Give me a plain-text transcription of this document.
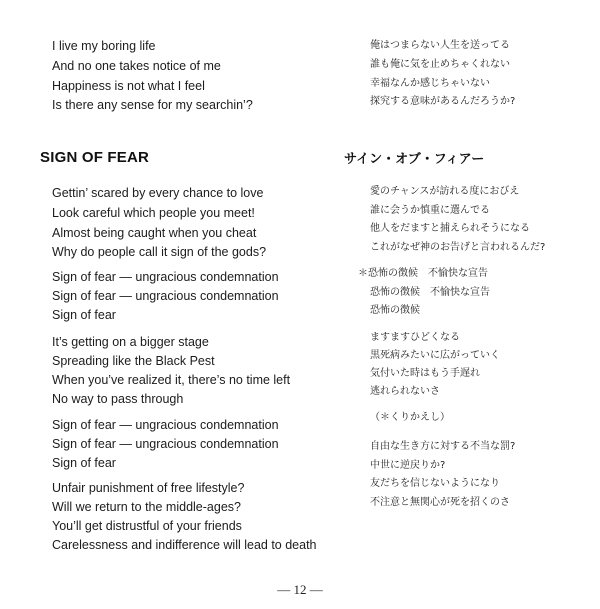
I live my boring life
And no one takes notice of me
Happiness is not what I feel
Is there any sense for my searchin’?
Gettin’ scared by every chance to love
Look careful which people you meet!
Almost being caught when you cheat
Why do people call it sign of the gods?
Sign of fear — ungracious condemnation
Sign of fear — ungracious condemnation
Sign of fear
It’s getting on a bigger stage
Spreading like the Black Pest
When you’ve realized it, there’s no time left
No way to pass through
Sign of fear — ungracious condemnation
Sign of fear — ungracious condemnation
Sign of fear
Unfair punishment of free lifestyle?
Will we return to the middle-ages?
You’ll get distrustful of your friends
Carelessness and indifference will lead to death
SIGN OF FEAR	サイン・オブ・フィアー
俺はつまらない人生を送ってる
誰も俺に気を止めちゃくれない
幸福なんか感じちゃいない
探究する意味があるんだろうか?
愛のチャンスが訪れる度におびえ
誰に会うか慎重に選んでる
他人をだますと捕えられそうになる
これがなぜ神のお告げと言われるんだ?
＊恐怖の徴候　不愉快な宣告
恐怖の徴候　不愉快な宣告
恐怖の徴候
ますますひどくなる
黒死病みたいに広がっていく
気付いた時はもう手遅れ
逃れられないさ
（＊くりかえし）
自由な生き方に対する不当な罰?
中世に逆戻りか?
友だちを信じないようになり
不注意と無関心が死を招くのさ
— 12 —
